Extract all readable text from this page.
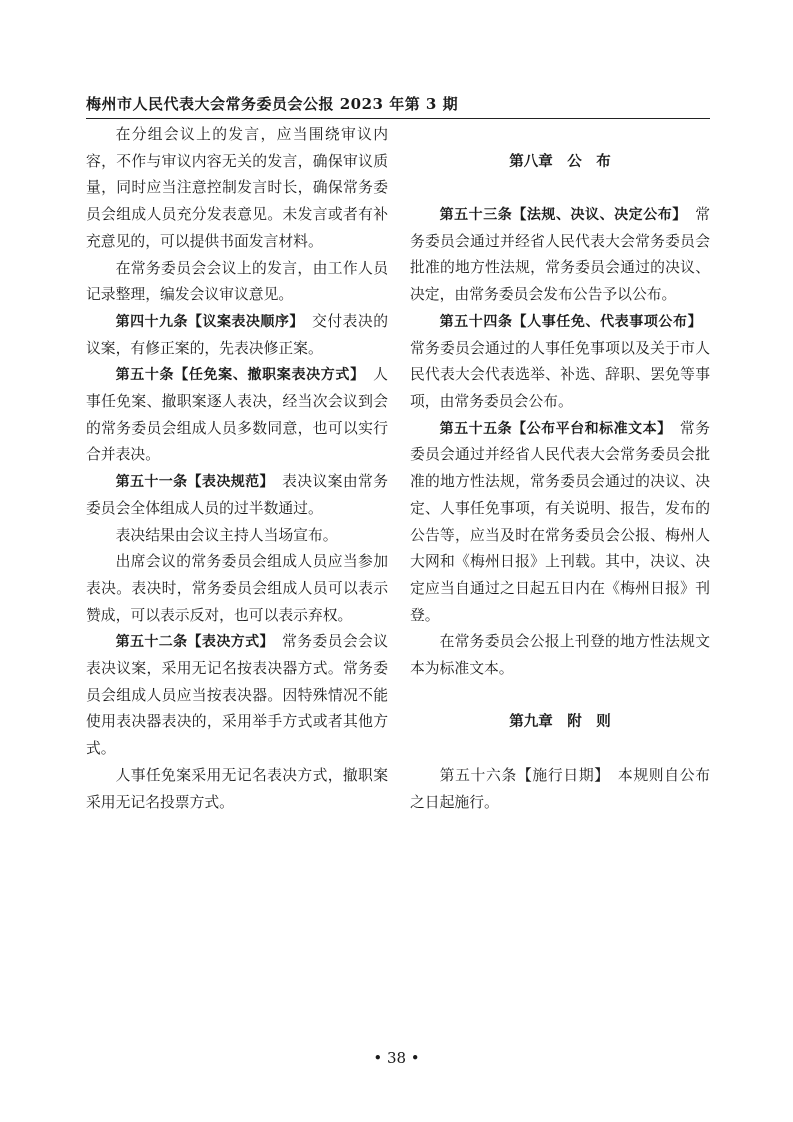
梅州市人民代表大会常务委员会公报 2023 年第 3 期

在分组会议上的发言，应当围绕审议内容，不作与审议内容无关的发言，确保审议质量，同时应当注意控制发言时长，确保常务委员会组成人员充分发表意见。未发言或者有补充意见的，可以提供书面发言材料。

在常务委员会会议上的发言，由工作人员记录整理，编发会议审议意见。

第四十九条【议案表决顺序】　交付表决的议案，有修正案的，先表决修正案。

第五十条【任免案、撤职案表决方式】　人事任免案、撤职案逐人表决，经当次会议到会的常务委员会组成人员多数同意，也可以实行合并表决。

第五十一条【表决规范】　表决议案由常务委员会全体组成人员的过半数通过。

表决结果由会议主持人当场宣布。

出席会议的常务委员会组成人员应当参加表决。表决时，常务委员会组成人员可以表示赞成，可以表示反对，也可以表示弃权。

第五十二条【表决方式】　常务委员会会议表决议案，采用无记名按表决器方式。常务委员会组成人员应当按表决器。因特殊情况不能使用表决器表决的，采用举手方式或者其他方式。

人事任免案采用无记名表决方式，撤职案采用无记名投票方式。

第八章　公　布

第五十三条【法规、决议、决定公布】　常务委员会通过并经省人民代表大会常务委员会批准的地方性法规，常务委员会通过的决议、决定，由常务委员会发布公告予以公布。

第五十四条【人事任免、代表事项公布】　常务委员会通过的人事任免事项以及关于市人民代表大会代表选举、补选、辞职、罢免等事项，由常务委员会公布。

第五十五条【公布平台和标准文本】　常务委员会通过并经省人民代表大会常务委员会批准的地方性法规，常务委员会通过的决议、决定、人事任免事项，有关说明、报告，发布的公告等，应当及时在常务委员会公报、梅州人大网和《梅州日报》上刊载。其中，决议、决定应当自通过之日起五日内在《梅州日报》刊登。

在常务委员会公报上刊登的地方性法规文本为标准文本。

第九章　附　则

第五十六条【施行日期】　本规则自公布之日起施行。

• 38 •
